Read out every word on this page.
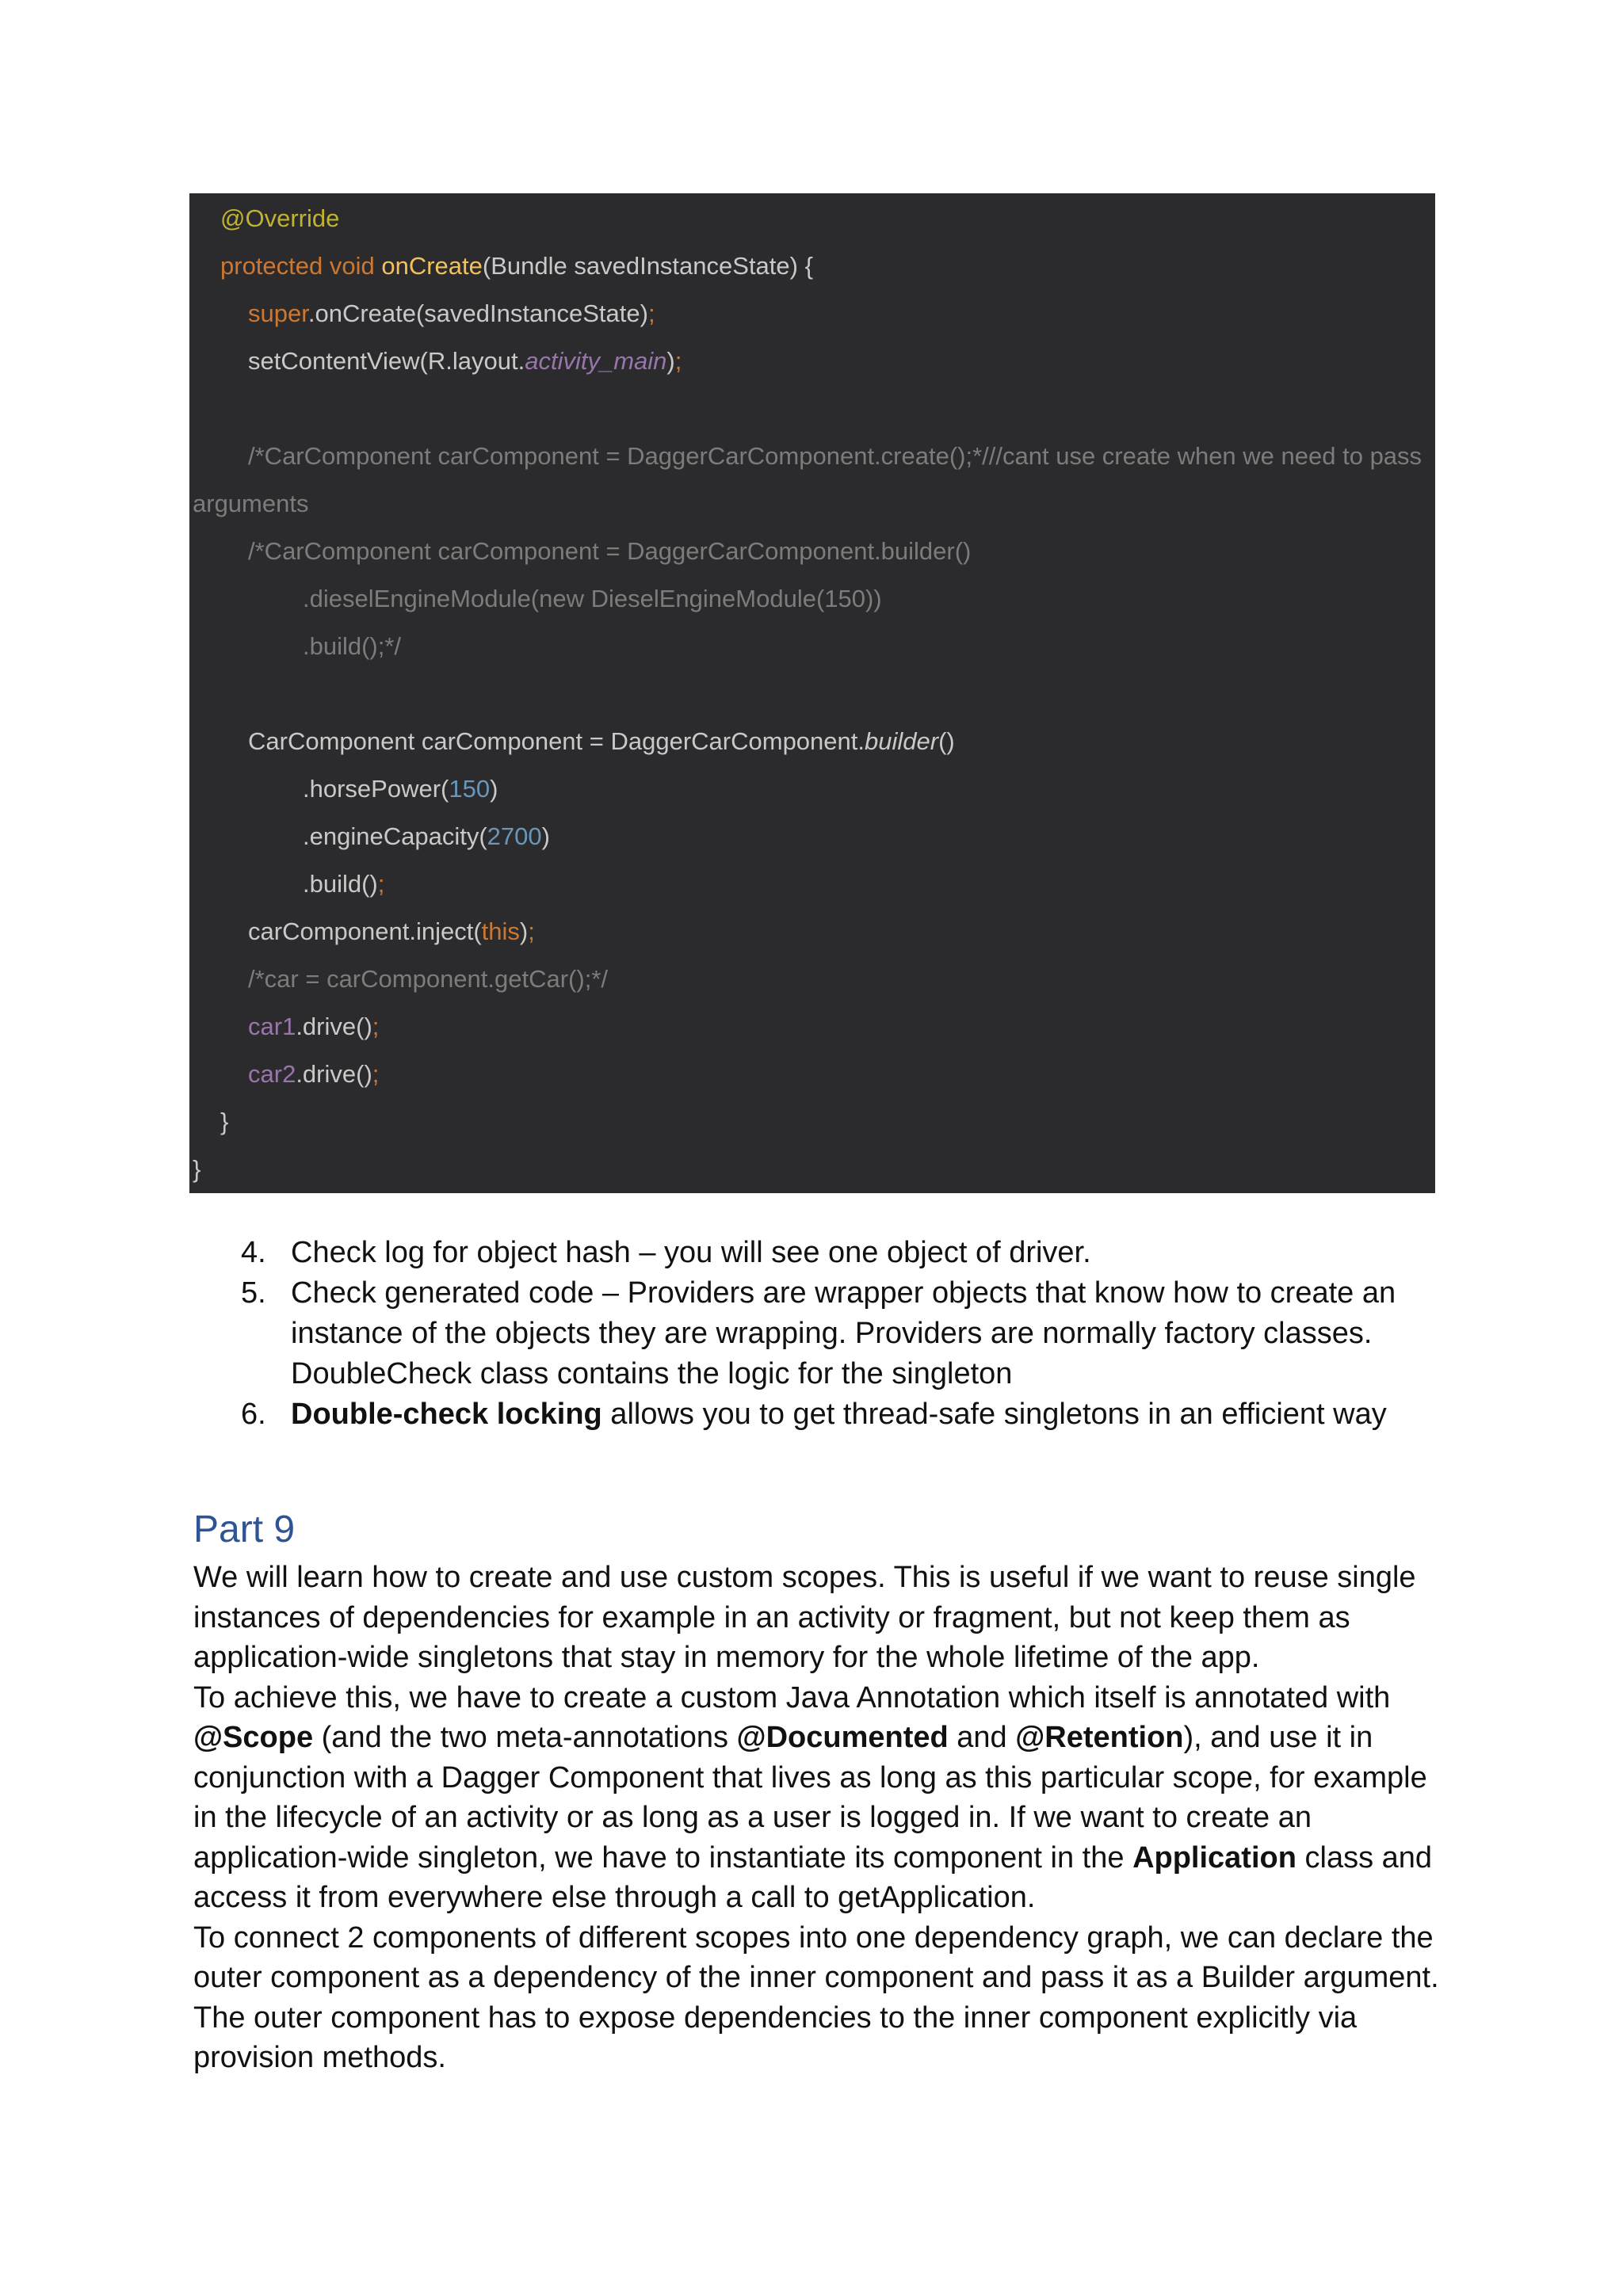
@Override
protected void onCreate(Bundle savedInstanceState) {
super.onCreate(savedInstanceState);
setContentView(R.layout.activity_main);
/*CarComponent carComponent = DaggerCarComponent.create();*///cant use create when we need to pass
arguments
/*CarComponent carComponent = DaggerCarComponent.builder()
.dieselEngineModule(new DieselEngineModule(150))
.build();*/
CarComponent carComponent = DaggerCarComponent.builder()
.horsePower(150)
.engineCapacity(2700)
.build();
carComponent.inject(this);
/*car = carComponent.getCar();*/
car1.drive();
car2.drive();
}
}
4. Check log for object hash – you will see one object of driver.
5. Check generated code – Providers are wrapper objects that know how to create an instance of the objects they are wrapping. Providers are normally factory classes. DoubleCheck class contains the logic for the singleton
6. Double-check locking allows you to get thread-safe singletons in an efficient way
Part 9
We will learn how to create and use custom scopes. This is useful if we want to reuse single instances of dependencies for example in an activity or fragment, but not keep them as application-wide singletons that stay in memory for the whole lifetime of the app.
To achieve this, we have to create a custom Java Annotation which itself is annotated with @Scope (and the two meta-annotations @Documented and @Retention), and use it in conjunction with a Dagger Component that lives as long as this particular scope, for example in the lifecycle of an activity or as long as a user is logged in. If we want to create an application-wide singleton, we have to instantiate its component in the Application class and access it from everywhere else through a call to getApplication.
To connect 2 components of different scopes into one dependency graph, we can declare the outer component as a dependency of the inner component and pass it as a Builder argument. The outer component has to expose dependencies to the inner component explicitly via provision methods.
